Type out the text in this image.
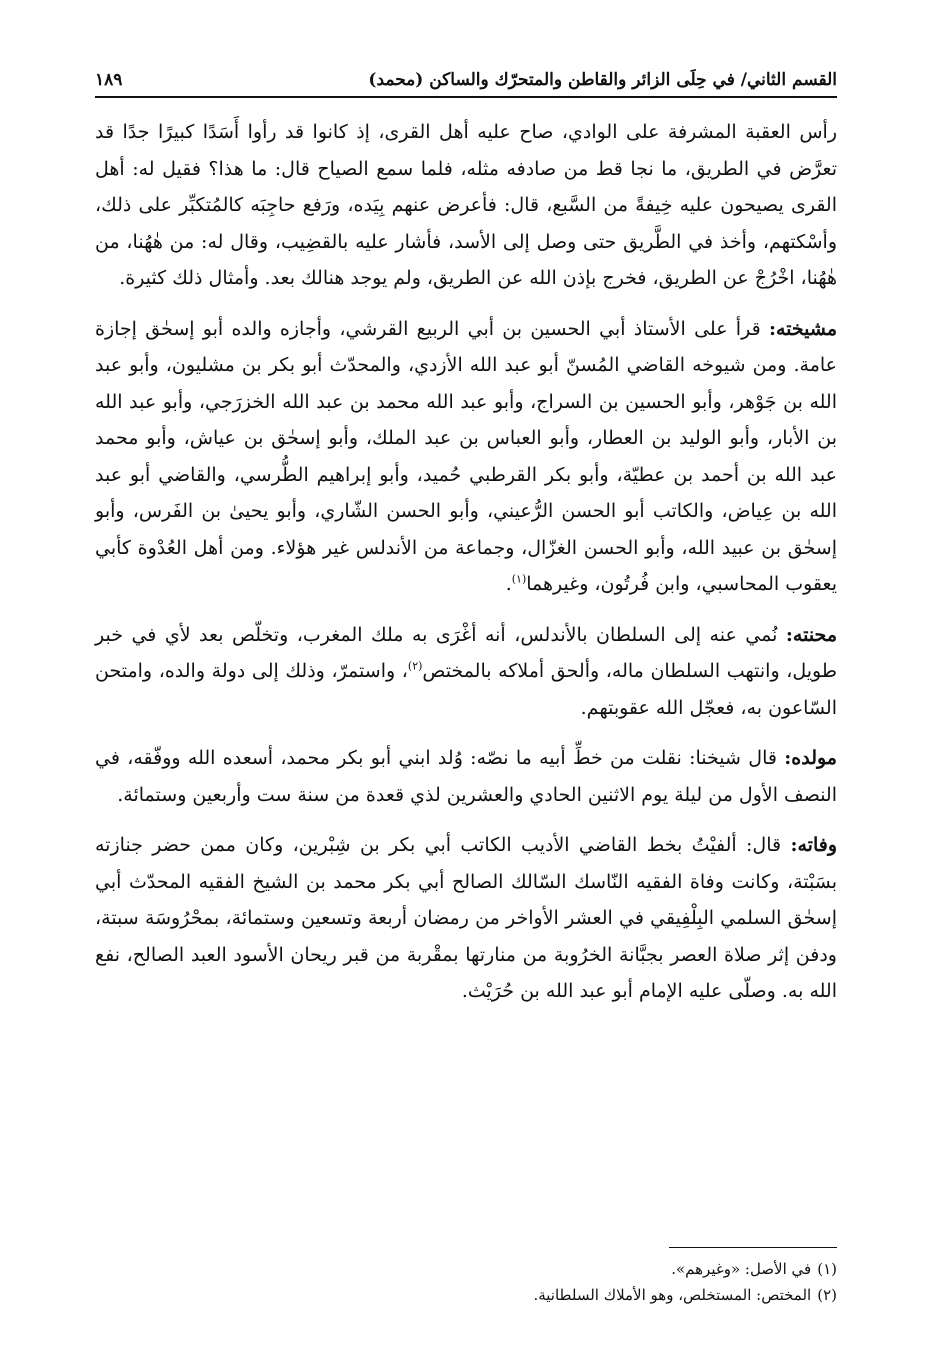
القسم الثاني/ في حِلَى الزائر والقاطن والمتحرّك والساكن (محمد)
١٨٩

رأس العقبة المشرفة على الوادي، صاح عليه أهل القرى، إذ كانوا قد رأوا أَسَدًا كبيرًا جدًا قد تعرَّض في الطريق، ما نجا قط من صادفه مثله، فلما سمع الصياح قال: ما هذا؟ فقيل له: أهل القرى يصيحون عليه خِيفةً من السَّبع، قال: فأعرض عنهم بِيَده، ورَفع حاجِبَه كالمُتكبِّر على ذلك، وأسْكتهم، وأخذ في الطَّريق حتى وصل إلى الأسد، فأشار عليه بالقضِيب، وقال له: من هٰهُنا، من هٰهُنا، اخْرُجْ عن الطريق، فخرج بإذن الله عن الطريق، ولم يوجد هنالك بعد. وأمثال ذلك كثيرة.

مشيخته: قرأ على الأستاذ أبي الحسين بن أبي الربيع القرشي، وأجازه والده أبو إسحٰق إجازة عامة. ومن شيوخه القاضي المُسنّ أبو عبد الله الأزدي، والمحدّث أبو بكر بن مشليون، وأبو عبد الله بن جَوْهر، وأبو الحسين بن السراج، وأبو عبد الله محمد بن عبد الله الخزرَجي، وأبو عبد الله بن الأبار، وأبو الوليد بن العطار، وأبو العباس بن عبد الملك، وأبو إسحٰق بن عياش، وأبو محمد عبد الله بن أحمد بن عطيّة، وأبو بكر القرطبي حُميد، وأبو إبراهيم الطُّرسي، والقاضي أبو عبد الله بن عِياض، والكاتب أبو الحسن الرُّعيني، وأبو الحسن الشّاري، وأبو يحيىٰ بن الفَرس، وأبو إسحٰق بن عبيد الله، وأبو الحسن الغزّال، وجماعة من الأندلس غير هؤلاء. ومن أهل العُدْوة كأبي يعقوب المحاسبي، وابن فُرتُون، وغيرهما$^{(١)}$.

محنته: نُمي عنه إلى السلطان بالأندلس، أنه أغْرَى به ملك المغرب، وتخلّص بعد لأي في خبر طويل، وانتهب السلطان ماله، وألحق أملاكه بالمختص$^{(٢)}$، واستمرّ، وذلك إلى دولة والده، وامتحن السّاعون به، فعجّل الله عقوبتهم.

مولده: قال شيخنا: نقلت من خطِّ أبيه ما نصّه: وُلد ابني أبو بكر محمد، أسعده الله ووفّقه، في النصف الأول من ليلة يوم الاثنين الحادي والعشرين لذي قعدة من سنة ست وأربعين وستمائة.

وفاته: قال: ألفيْتُ بخط القاضي الأديب الكاتب أبي بكر بن شِبْرين، وكان ممن حضر جنازته بسَبْتة، وكانت وفاة الفقيه النّاسك السّالك الصالح أبي بكر محمد بن الشيخ الفقيه المحدّث أبي إسحٰق السلمي البِلْفِيقي في العشر الأواخر من رمضان أربعة وتسعين وستمائة، بمحْرُوسَة سبتة، ودفن إثر صلاة العصر بجبَّانة الخرُوبة من منارتها بمقْربة من قبر ريحان الأسود العبد الصالح، نفع الله به. وصلّى عليه الإمام أبو عبد الله بن حُرَيْث.

(١)
في الأصل: «وغيرهم».
(٢)
المختص: المستخلص، وهو الأملاك السلطانية.
